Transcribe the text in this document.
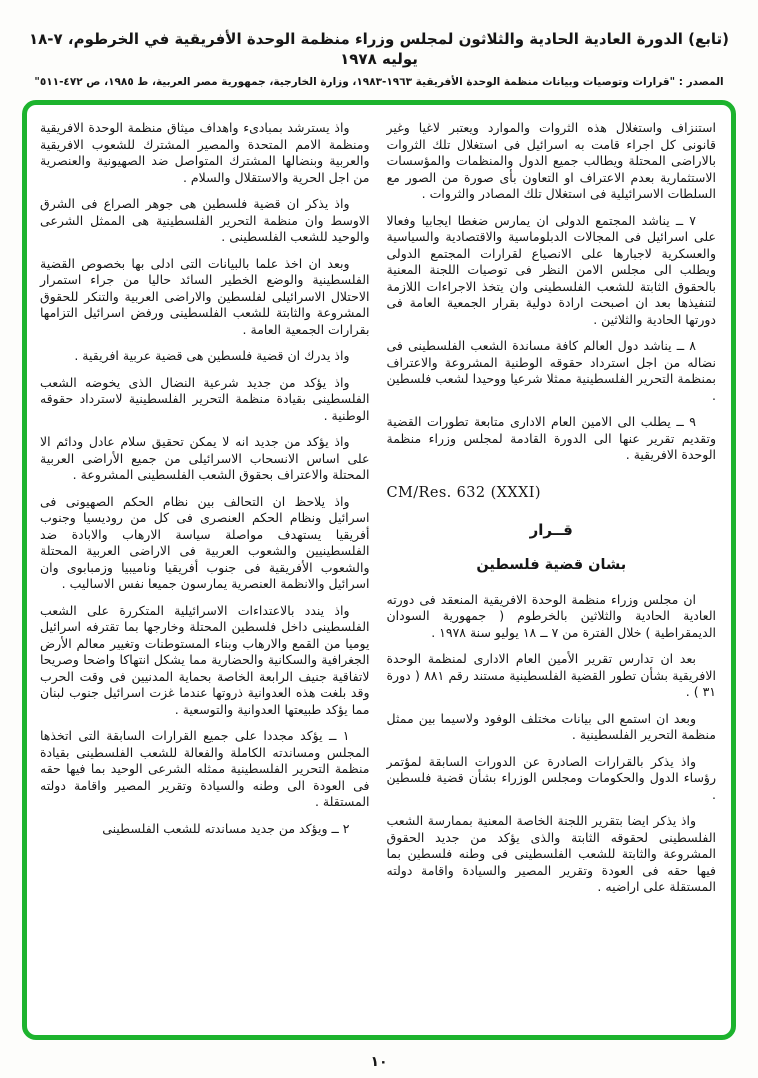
(تابع) الدورة العادية الحادية والثلاثون لمجلس وزراء منظمة الوحدة الأفريقية في الخرطوم، ٧-١٨ يوليه ١٩٧٨
المصدر : "قرارات وتوصيات وبيانات منظمة الوحدة الأفريقية ١٩٦٣-١٩٨٣، وزارة الخارجية، جمهورية مصر العربية، ط ١٩٨٥، ص ٤٧٢-٥١١"

استنزاف واستغلال هذه الثروات والموارد ويعتبر لاغيا وغير قانونى كل اجراء قامت به اسرائيل فى استغلال تلك الثروات بالاراضى المحتلة ويطالب جميع الدول والمنظمات والمؤسسات الاستثمارية بعدم الاعتراف او التعاون بأى صورة من الصور مع السلطات الاسرائيلية فى استغلال تلك المصادر والثروات .

٧ ــ يناشد المجتمع الدولى ان يمارس ضغطا ايجابيا وفعالا على اسرائيل فى المجالات الدبلوماسية والاقتصادية والسياسية والعسكرية لاجبارها على الانصياع لقرارات المجتمع الدولى ويطلب الى مجلس الامن النظر فى توصيات اللجنة المعنية بالحقوق الثابتة للشعب الفلسطينى وان يتخذ الاجراءات اللازمة لتنفيذها بعد ان اصبحت ارادة دولية بقرار الجمعية العامة فى دورتها الحادية والثلاثين .

٨ ــ يناشد دول العالم كافة مساندة الشعب الفلسطينى فى نضاله من اجل استرداد حقوقه الوطنية المشروعة والاعتراف بمنظمة التحرير الفلسطينية ممثلا شرعيا ووحيدا لشعب فلسطين .

٩ ــ يطلب الى الامين العام الادارى متابعة تطورات القضية وتقديم تقرير عنها الى الدورة القادمة لمجلس وزراء منظمة الوحدة الافريقية .

CM/Res. 632 (XXXI)
قــرار
بشان قضية فلسطين

ان مجلس وزراء منظمة الوحدة الافريقية المنعقد فى دورته العادية الحادية والثلاثين بالخرطوم ( جمهورية السودان الديمقراطية ) خلال الفترة من ٧ ــ ١٨ يوليو سنة ١٩٧٨ .

بعد ان تدارس تقرير الأمين العام الادارى لمنظمة الوحدة الافريقية بشأن تطور القضية الفلسطينية مستند رقم ٨٨١ ( دورة ٣١ ) .

وبعد ان استمع الى بيانات مختلف الوفود ولاسيما بين ممثل منظمة التحرير الفلسطينية .

واذ يذكر بالقرارات الصادرة عن الدورات السابقة لمؤتمر رؤساء الدول والحكومات ومجلس الوزراء بشأن قضية فلسطين .

واذ يذكر ايضا بتقرير اللجنة الخاصة المعنية بممارسة الشعب الفلسطينى لحقوقه الثابتة والذى يؤكد من جديد الحقوق المشروعة والثابتة للشعب الفلسطينى فى وطنه فلسطين بما فيها حقه فى العودة وتقرير المصير والسيادة واقامة دولته المستقلة على اراضيه .

واذ يسترشد بمبادىء واهداف ميثاق منظمة الوحدة الافريقية ومنظمة الامم المتحدة والمصير المشترك للشعوب الافريقية والعربية وبنضالها المشترك المتواصل ضد الصهيونية والعنصرية من اجل الحرية والاستقلال والسلام .

واذ يذكر ان قضية فلسطين هى جوهر الصراع فى الشرق الاوسط وان منظمة التحرير الفلسطينية هى الممثل الشرعى والوحيد للشعب الفلسطينى .

وبعد ان اخذ علما بالبيانات التى ادلى بها بخصوص القضية الفلسطينية والوضع الخطير السائد حاليا من جراء استمرار الاحتلال الاسرائيلى لفلسطين والاراضى العربية والتنكر للحقوق المشروعة والثابتة للشعب الفلسطينى ورفض اسرائيل التزامها بقرارات الجمعية العامة .

واذ يدرك ان قضية فلسطين هى قضية عربية افريقية .

واذ يؤكد من جديد شرعية النضال الذى يخوضه الشعب الفلسطينى بقيادة منظمة التحرير الفلسطينية لاسترداد حقوقه الوطنية .

واذ يؤكد من جديد انه لا يمكن تحقيق سلام عادل ودائم الا على اساس الانسحاب الاسرائيلى من جميع الأراضى العربية المحتلة والاعتراف بحقوق الشعب الفلسطينى المشروعة .

واذ يلاحظ ان التحالف بين نظام الحكم الصهيونى فى اسرائيل ونظام الحكم العنصرى فى كل من روديسيا وجنوب أفريقيا يستهدف مواصلة سياسة الارهاب والابادة ضد الفلسطينيين والشعوب العربية فى الاراضى العربية المحتلة والشعوب الأفريقية فى جنوب أفريقيا وناميبيا وزمبابوى وان اسرائيل والانظمة العنصرية يمارسون جميعا نفس الاساليب .

واذ يندد بالاعتداءات الاسرائيلية المتكررة على الشعب الفلسطينى داخل فلسطين المحتلة وخارجها بما تقترفه اسرائيل يوميا من القمع والارهاب وبناء المستوطنات وتغيير معالم الأرض الجغرافية والسكانية والحضارية مما يشكل انتهاكا واضحا وصريحا لاتفاقية جنيف الرابعة الخاصة بحماية المدنيين فى وقت الحرب وقد بلغت هذه العدوانية ذروتها عندما غزت اسرائيل جنوب لبنان مما يؤكد طبيعتها العدوانية والتوسعية .

١ ــ يؤكد مجددا على جميع القرارات السابقة التى اتخذها المجلس ومساندته الكاملة والفعالة للشعب الفلسطينى بقيادة منظمة التحرير الفلسطينية ممثله الشرعى الوحيد بما فيها حقه فى العودة الى وطنه والسيادة وتقرير المصير واقامة دولته المستقلة .

٢ ــ ويؤكد من جديد مساندته للشعب الفلسطينى

١٠
